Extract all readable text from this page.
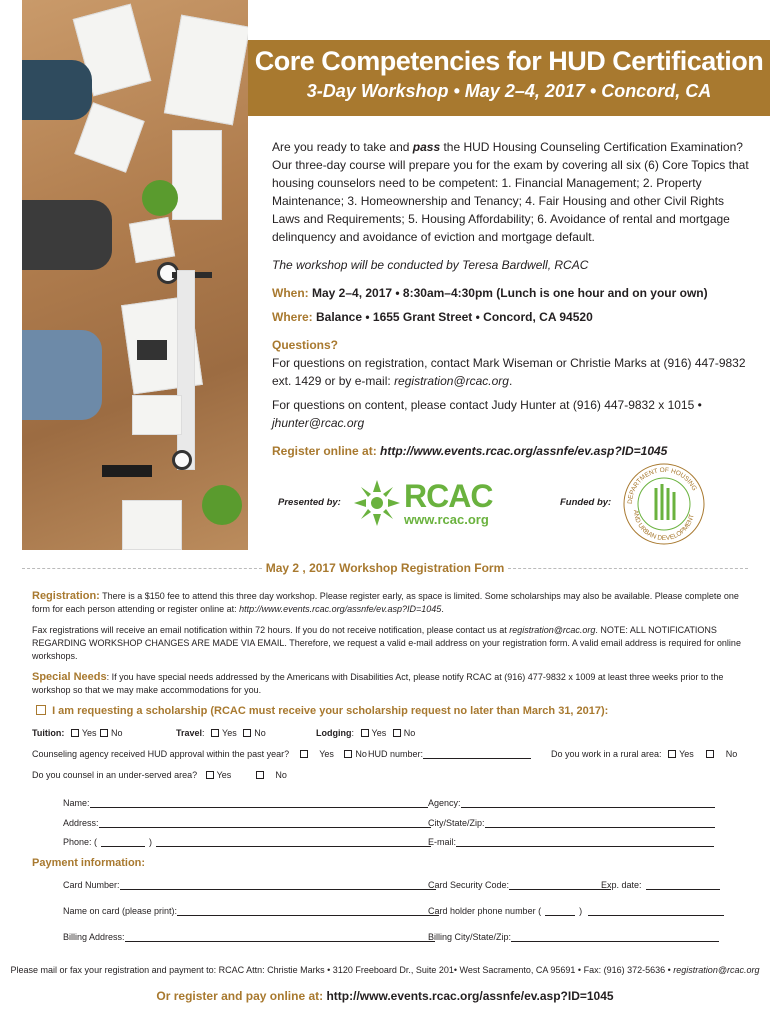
Core Competencies for HUD Certification
3-Day Workshop • May 2–4, 2017 • Concord, CA

Are you ready to take and pass the HUD Housing Counseling Certification Examination? Our three-day course will prepare you for the exam by covering all six (6) Core Topics that housing counselors need to be competent: 1. Financial Management; 2. Property Maintenance; 3. Homeownership and Tenancy; 4. Fair Housing and other Civil Rights Laws and Requirements; 5. Housing Affordability; 6. Avoidance of rental and mortgage delinquency and avoidance of eviction and mortgage default.

The workshop will be conducted by Teresa Bardwell, RCAC

When: May 2–4, 2017 • 8:30am–4:30pm (Lunch is one hour and on your own)

Where: Balance • 1655 Grant Street • Concord, CA 94520

Questions?
For questions on registration, contact Mark Wiseman or Christie Marks at (916) 447-9832 ext. 1429 or by e-mail: registration@rcac.org.

For questions on content, please contact Judy Hunter at (916) 447-9832 x 1015 • jhunter@rcac.org

Register online at: http://www.events.rcac.org/assnfe/ev.asp?ID=1045

Presented by: RCAC
www.rcac.org
Funded by: DEPARTMENT OF HOUSING
AND URBAN DEVELOPMENT
May 2 , 2017 Workshop Registration Form

Registration: There is a $150 fee to attend this three day workshop. Please register early, as space is limited. Some scholarships may also be available. Please complete one form for each person attending or register online at: http://www.events.rcac.org/assnfe/ev.asp?ID=1045.

Fax registrations will receive an email notification within 72 hours. If you do not receive notification, please contact us at registration@rcac.org. NOTE: ALL NOTIFICATIONS REGARDING WORKSHOP CHANGES ARE MADE VIA EMAIL. Therefore, we request a valid e-mail address on your registration form. A valid email address is required for online workshops.

Special Needs: If you have special needs addressed by the Americans with Disabilities Act, please notify RCAC at (916) 477-9832 x 1009 at least three weeks prior to the workshop so that we may make accommodations for you.

I am requesting a scholarship (RCAC must receive your scholarship request no later than March 31, 2017):
Tuition: Yes No	Travel: Yes No	Lodging: Yes No
Counseling agency received HUD approval within the past year?	Yes No HUD number:	Do you work in a rural area: Yes	No
Do you counsel in an under-served area? Yes	No
Name:	Agency:
Address:	City/State/Zip:
Phone: (	)	E-mail:
Payment information:
Card Number:	Card Security Code:	Exp. date:
Name on card (please print):	Card holder phone number (	)
Billing Address:	Billing City/State/Zip:
Please mail or fax your registration and payment to: RCAC Attn: Christie Marks • 3120 Freeboard Dr., Suite 201• West Sacramento, CA 95691 • Fax: (916) 372-5636 • registration@rcac.org
Or register and pay online at: http://www.events.rcac.org/assnfe/ev.asp?ID=1045
